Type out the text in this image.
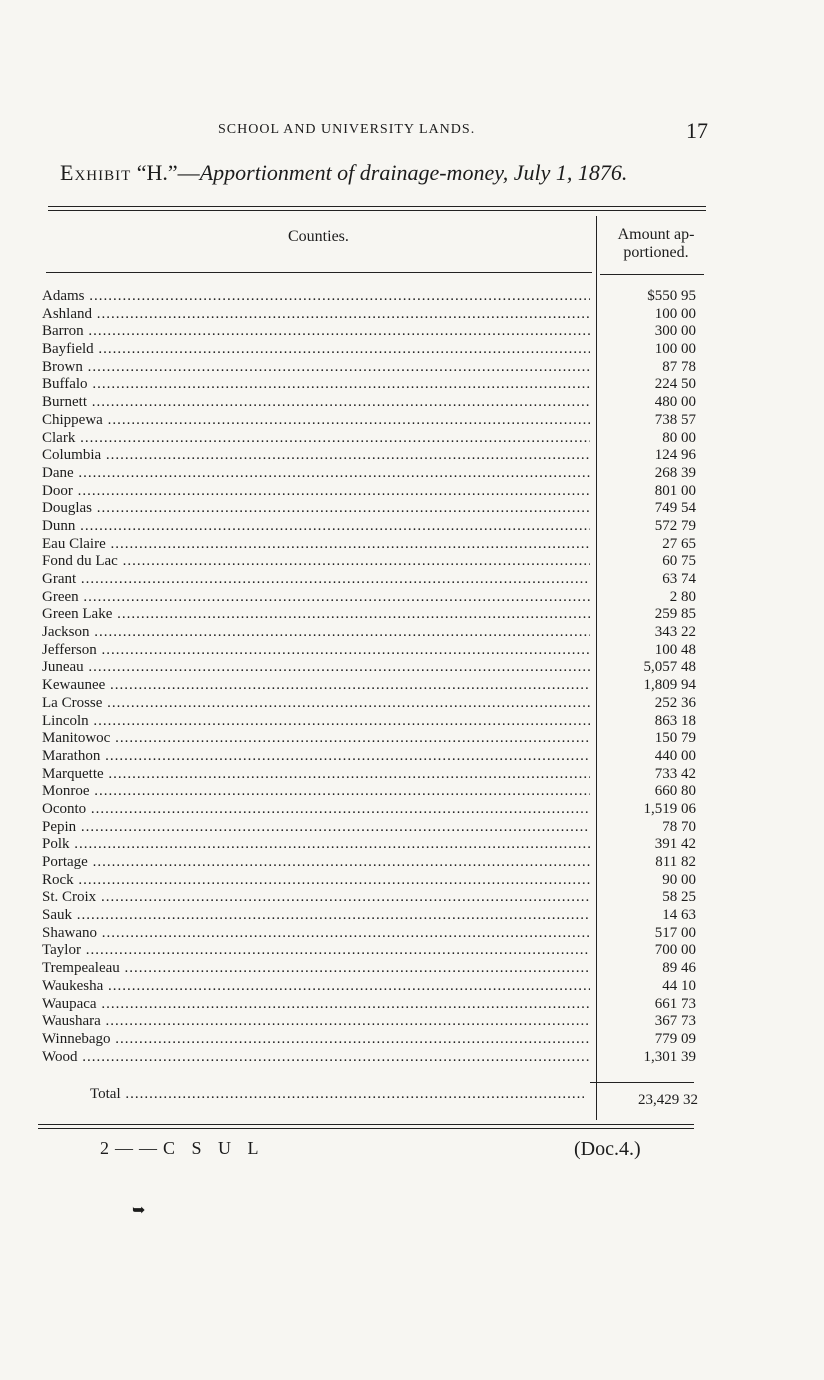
SCHOOL AND UNIVERSITY LANDS.	17
Exhibit “H.”—Apportionment of drainage-money, July 1, 1876.
Counties.	Amount ap-
portioned.
Adams .....	$550 95
Ashland .....	100 00
Barron .....	300 00
Bayfield .....	100 00
Brown .....	87 78
Buffalo .....	224 50
Burnett .....	480 00
Chippewa .....	738 57
Clark .....	80 00
Columbia .....	124 96
Dane .....	268 39
Door .....	801 00
Douglas .....	749 54
Dunn .....	572 79
Eau Claire .....	27 65
Fond du Lac .....	60 75
Grant .....	63 74
Green .....	2 80
Green Lake .....	259 85
Jackson .....	343 22
Jefferson .....	100 48
Juneau .....	5,057 48
Kewaunee .....	1,809 94
La Crosse .....	252 36
Lincoln .....	863 18
Manitowoc .....	150 79
Marathon .....	440 00
Marquette .....	733 42
Monroe .....	660 80
Oconto .....	1,519 06
Pepin .....	78 70
Polk .....	391 42
Portage .....	811 82
Rock .....	90 00
St. Croix .....	58 25
Sauk .....	14 63
Shawano .....	517 00
Taylor .....	700 00
Trempealeau .....	89 46
Waukesha .....	44 10
Waupaca .....	661 73
Waushara .....	367 73
Winnebago .....	779 09
Wood .....	1,301 39
Total .....	23,429 32
2——C S U L	(Doc.4.)
➥
